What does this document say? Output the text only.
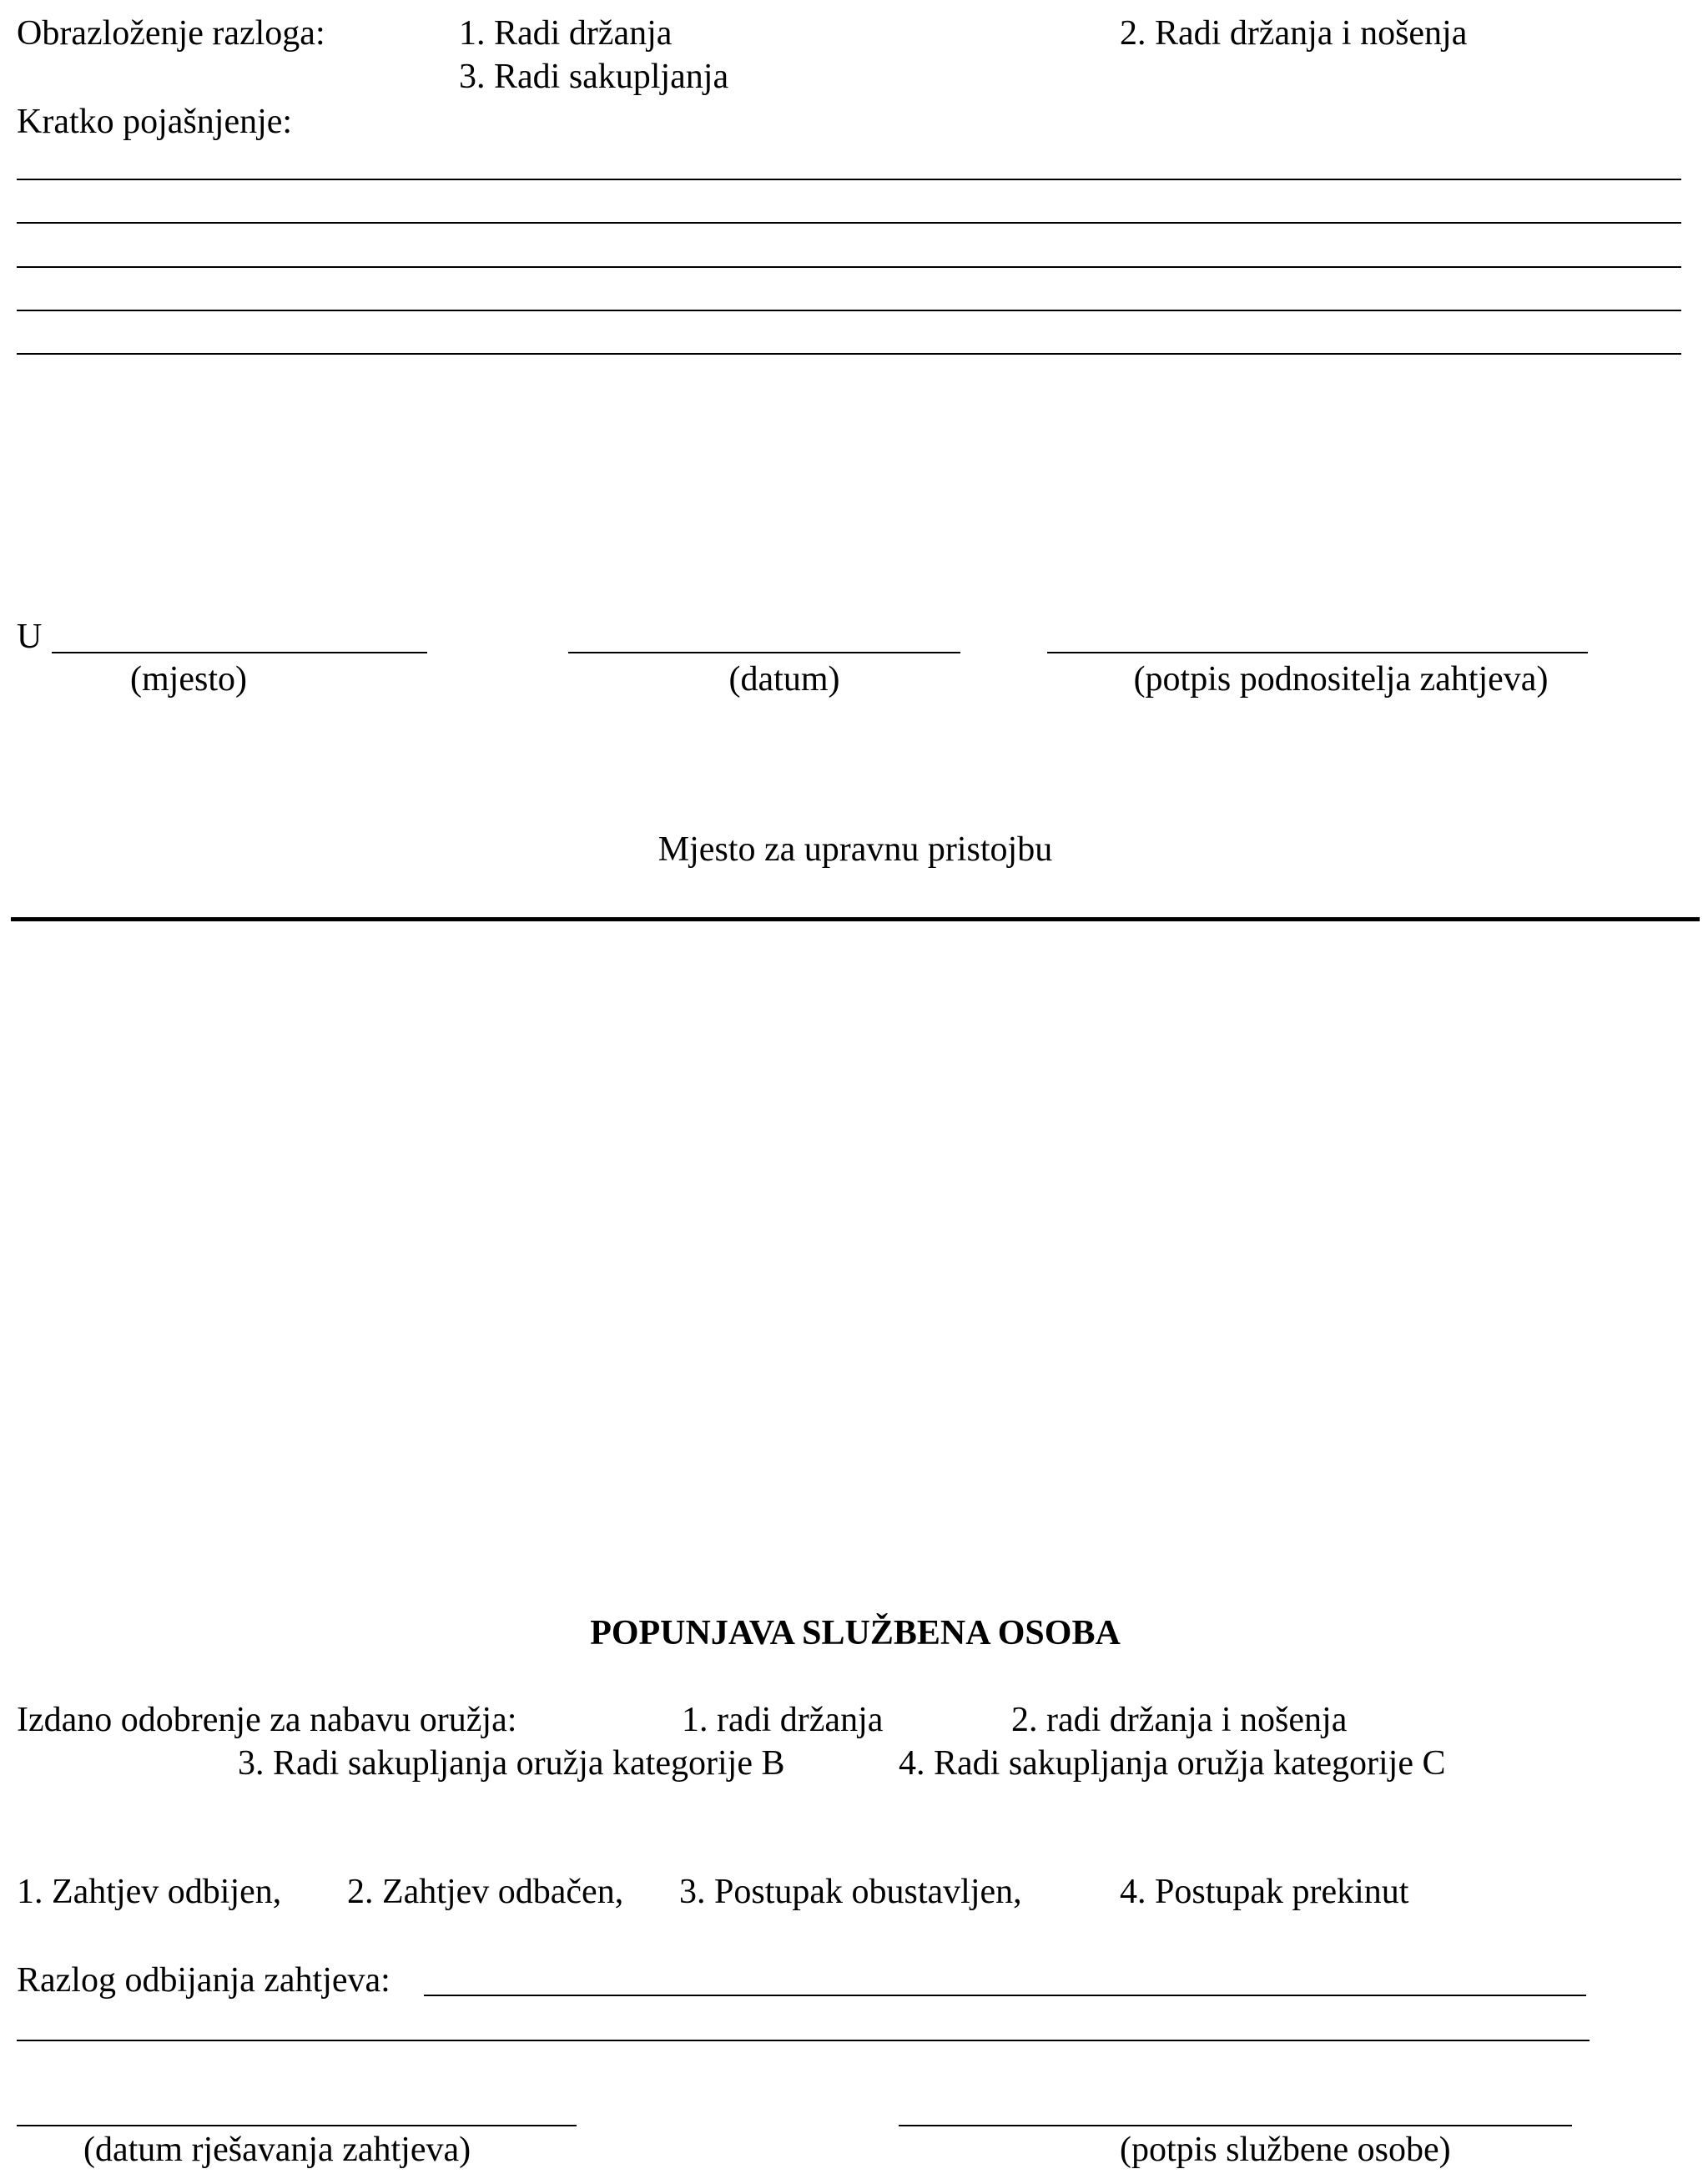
Obrazloženje razloga:	1. Radi držanja	2. Radi držanja i nošenja
3. Radi sakupljanja
Kratko pojašnjenje:
U
(mjesto)	(datum)	(potpis podnositelja zahtjeva)
Mjesto za upravnu pristojbu
POPUNJAVA SLUŽBENA OSOBA
Izdano odobrenje za nabavu oružja:	1. radi držanja	2. radi držanja i nošenja
3. Radi sakupljanja oružja kategorije B	4. Radi sakupljanja oružja kategorije C
1. Zahtjev odbijen, 2. Zahtjev odbačen, 3. Postupak obustavljen,	4. Postupak prekinut
Razlog odbijanja zahtjeva:
(datum rješavanja zahtjeva)	(potpis službene osobe)
